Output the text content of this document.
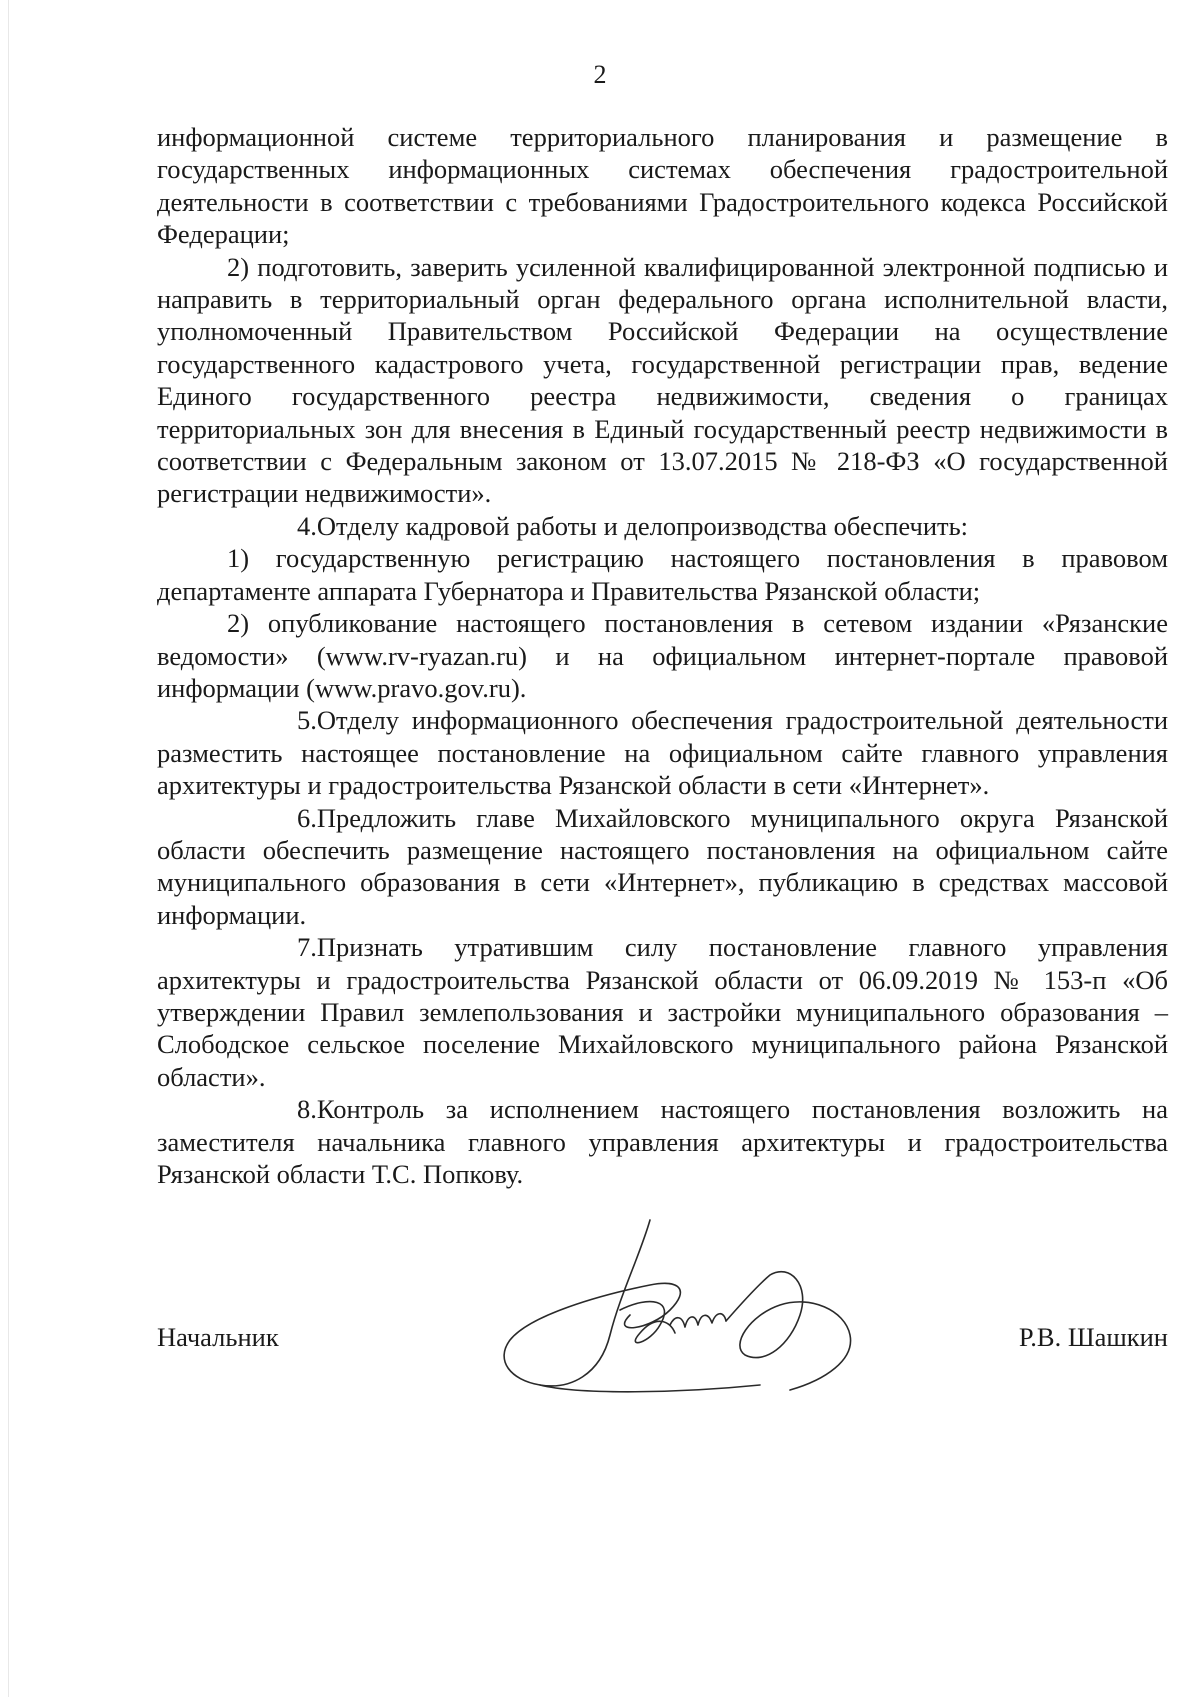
2

информационной системе территориального планирования и размещение в государственных информационных системах обеспечения градостроительной деятельности в соответствии с требованиями Градостроительного кодекса Российской Федерации;

2) подготовить, заверить усиленной квалифицированной электронной подписью и направить в территориальный орган федерального органа исполнительной власти, уполномоченный Правительством Российской Федерации на осуществление государственного кадастрового учета, государственной регистрации прав, ведение Единого государственного реестра недвижимости, сведения о границах территориальных зон для внесения в Единый государственный реестр недвижимости в соответствии с Федеральным законом от 13.07.2015 № 218-ФЗ «О государственной регистрации недвижимости».

4.Отделу кадровой работы и делопроизводства обеспечить:

1) государственную регистрацию настоящего постановления в правовом департаменте аппарата Губернатора и Правительства Рязанской области;

2) опубликование настоящего постановления в сетевом издании «Рязанские ведомости» (www.rv-ryazan.ru) и на официальном интернет-портале правовой информации (www.pravo.gov.ru).

5.Отделу информационного обеспечения градостроительной деятельности разместить настоящее постановление на официальном сайте главного управления архитектуры и градостроительства Рязанской области в сети «Интернет».

6.Предложить главе Михайловского муниципального округа Рязанской области обеспечить размещение настоящего постановления на официальном сайте муниципального образования в сети «Интернет», публикацию в средствах массовой информации.

7.Признать утратившим силу постановление главного управления архитектуры и градостроительства Рязанской области от 06.09.2019 № 153-п «Об утверждении Правил землепользования и застройки муниципального образования – Слободское сельское поселение Михайловского муниципального района Рязанской области».

8.Контроль за исполнением настоящего постановления возложить на заместителя начальника главного управления архитектуры и градостроительства Рязанской области Т.С. Попкову.

Начальник	Р.В. Шашкин
